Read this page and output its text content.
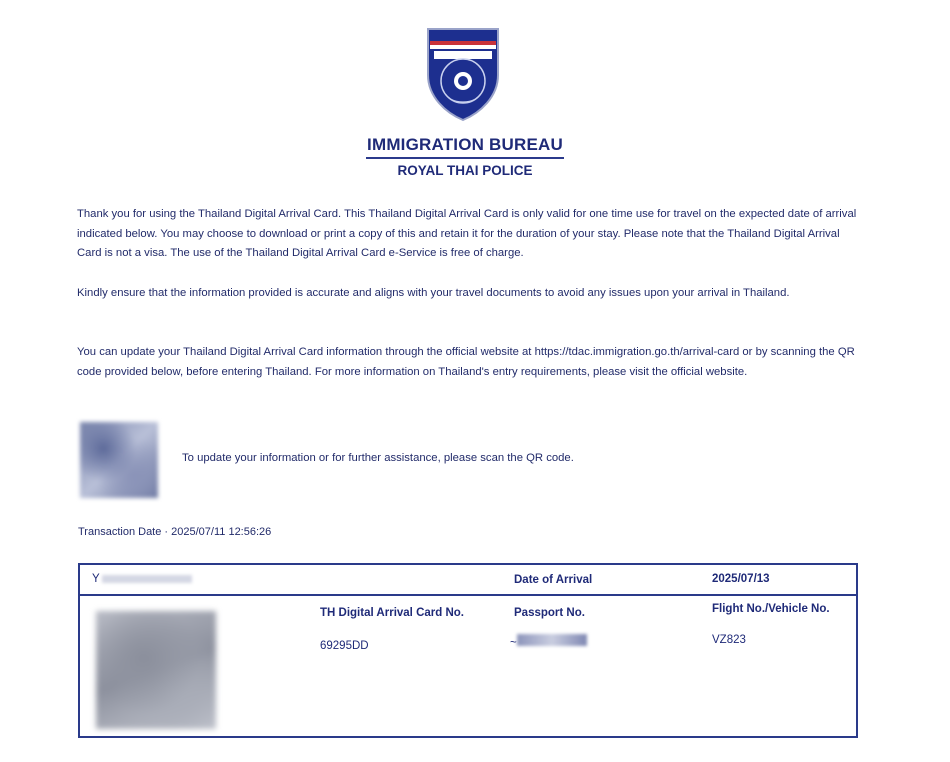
IMMIGRATION BUREAU
ROYAL THAI POLICE
Thank you for using the Thailand Digital Arrival Card. This Thailand Digital Arrival Card is only valid for one time use for travel on the expected date of arrival indicated below. You may choose to download or print a copy of this and retain it for the duration of your stay. Please note that the Thailand Digital Arrival Card is not a visa. The use of the Thailand Digital Arrival Card e-Service is free of charge.
Kindly ensure that the information provided is accurate and aligns with your travel documents to avoid any issues upon your arrival in Thailand.
You can update your Thailand Digital Arrival Card information through the official website at https://tdac.immigration.go.th/arrival-card or by scanning the QR code provided below, before entering Thailand. For more information on Thailand's entry requirements, please visit the official website.
To update your information or for further assistance, please scan the QR code.
Transaction Date · 2025/07/11 12:56:26
Y	Date of Arrival	2025/07/13
TH Digital Arrival Card No.
69295DD
Passport No.
~
Flight No./Vehicle No.
VZ823
